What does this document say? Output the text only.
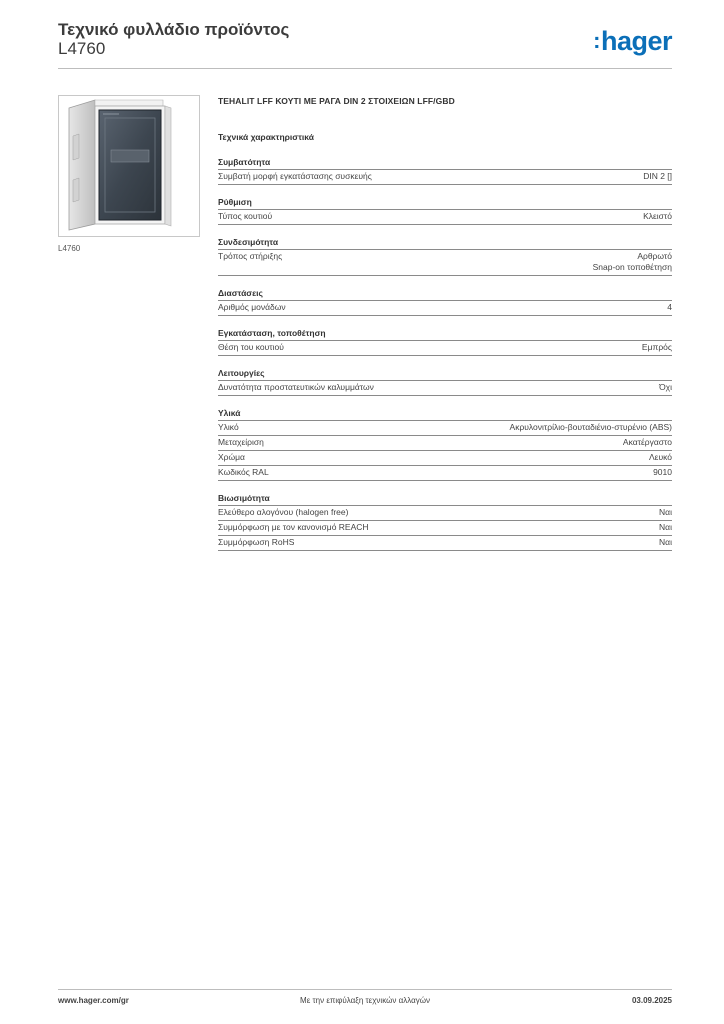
Τεχνικό φυλλάδιο προϊόντος
L4760	:hager
L4760
TEHALIT LFF ΚΟΥΤΙ ΜΕ ΡΑΓΑ DIN 2 ΣΤΟΙΧΕΙΩΝ LFF/GBD
Τεχνικά χαρακτηριστικά
Συμβατότητα
Συμβατή μορφή εγκατάστασης συσκευής	DIN 2 []
Ρύθμιση
Τύπος κουτιού	Κλειστό
Συνδεσιμότητα
Τρόπος στήριξης	Αρθρωτό
Snap-on τοποθέτηση
Διαστάσεις
Αριθμός μονάδων	4
Εγκατάσταση, τοποθέτηση
Θέση του κουτιού	Εμπρός
Λειτουργίες
Δυνατότητα προστατευτικών καλυμμάτων	Όχι
Υλικά
Υλικό	Ακρυλονιτρίλιο-βουταδιένιο-στυρένιο (ABS)
Μεταχείριση	Ακατέργαστο
Χρώμα	Λευκό
Κωδικός RAL	9010
Βιωσιμότητα
Ελεύθερο αλογόνου (halogen free)	Ναι
Συμμόρφωση με τον κανονισμό REACH	Ναι
Συμμόρφωση RoHS	Ναι
www.hager.com/gr	Με την επιφύλαξη τεχνικών αλλαγών	03.09.2025
